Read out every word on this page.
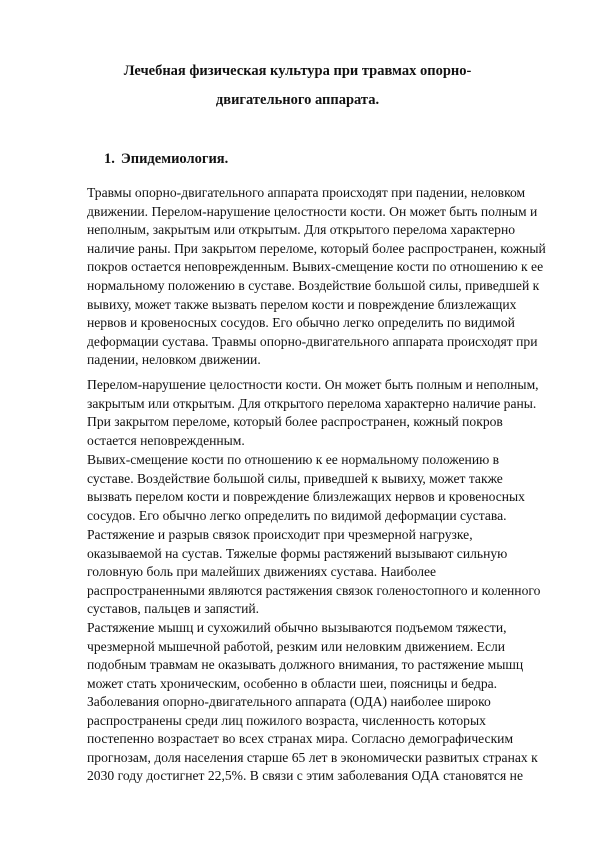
Лечебная физическая культура при травмах опорно-
двигательного аппарата.
1. Эпидемиология.

Травмы опорно-двигательного аппарата происходят при падении, неловком движении. Перелом-нарушение целостности кости. Он может быть полным и неполным, закрытым или открытым. Для открытого перелома характерно наличие раны. При закрытом переломе, который более распространен, кожный покров остается неповрежденным. Вывих-смещение кости по отношению к ее нормальному положению в суставе. Воздействие большой силы, приведшей к вывиху, может также вызвать перелом кости и повреждение близлежащих нервов и кровеносных сосудов. Его обычно легко определить по видимой деформации сустава. Травмы опорно-двигательного аппарата происходят при падении, неловком движении.

Перелом-нарушение целостности кости. Он может быть полным и неполным, закрытым или открытым. Для открытого перелома характерно наличие раны. При закрытом переломе, который более распространен, кожный покров остается неповрежденным.

Вывих-смещение кости по отношению к ее нормальному положению в суставе. Воздействие большой силы, приведшей к вывиху, может также вызвать перелом кости и повреждение близлежащих нервов и кровеносных сосудов. Его обычно легко определить по видимой деформации сустава.

Растяжение и разрыв связок происходит при чрезмерной нагрузке, оказываемой на сустав. Тяжелые формы растяжений вызывают сильную головную боль при малейших движениях сустава. Наиболее распространенными являются растяжения связок голеностопного и коленного суставов, пальцев и запястий.

Растяжение мышц и сухожилий обычно вызываются подъемом тяжести, чрезмерной мышечной работой, резким или неловким движением. Если подобным травмам не оказывать должного внимания, то растяжение мышц может стать хроническим, особенно в области шеи, поясницы и бедра.

Заболевания опорно-двигательного аппарата (ОДА) наиболее широко распространены среди лиц пожилого возраста, численность которых постепенно возрастает во всех странах мира. Согласно демографическим прогнозам, доля населения старше 65 лет в экономически развитых странах к 2030 году достигнет 22,5%. В связи с этим заболевания ОДА становятся не
